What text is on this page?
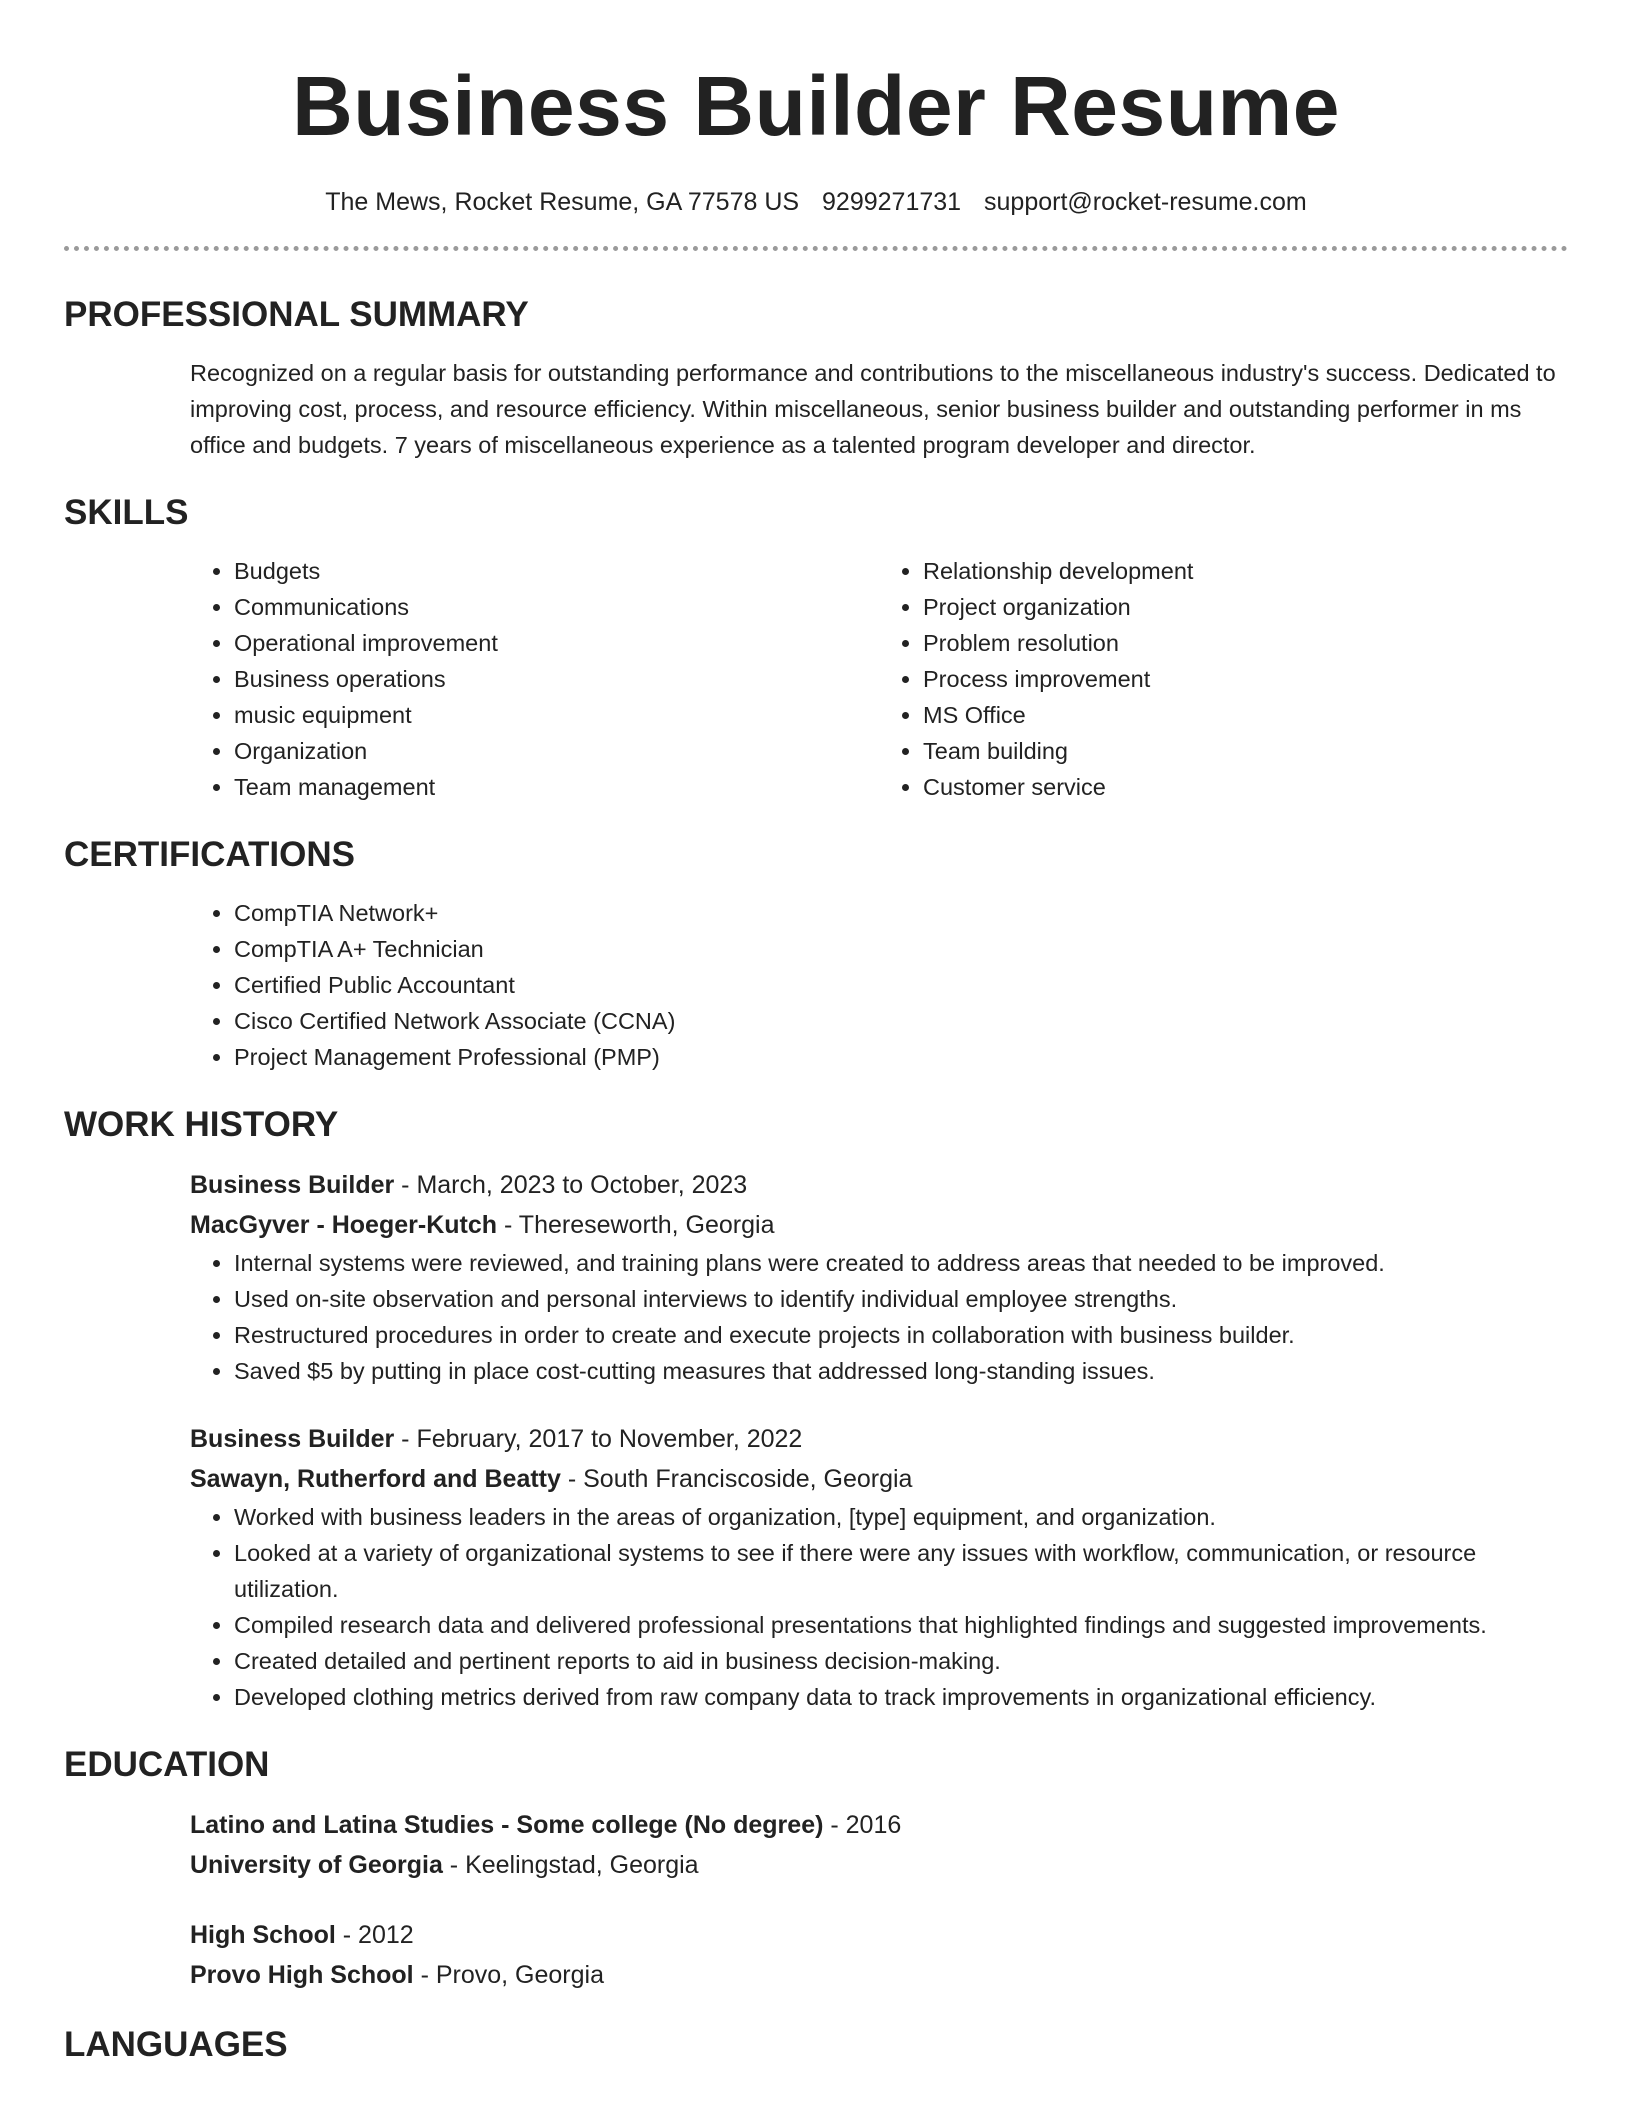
Business Builder Resume
The Mews, Rocket Resume, GA 77578 US 9299271731 support@rocket-resume.com
PROFESSIONAL SUMMARY
Recognized on a regular basis for outstanding performance and contributions to the miscellaneous industry's success. Dedicated to improving cost, process, and resource efficiency. Within miscellaneous, senior business builder and outstanding performer in ms office and budgets. 7 years of miscellaneous experience as a talented program developer and director.
SKILLS
• Budgets
• Communications
• Operational improvement
• Business operations
• music equipment
• Organization
• Team management
• Relationship development
• Project organization
• Problem resolution
• Process improvement
• MS Office
• Team building
• Customer service
CERTIFICATIONS
• CompTIA Network+
• CompTIA A+ Technician
• Certified Public Accountant
• Cisco Certified Network Associate (CCNA)
• Project Management Professional (PMP)
WORK HISTORY
Business Builder - March, 2023 to October, 2023
MacGyver - Hoeger-Kutch - Thereseworth, Georgia
• Internal systems were reviewed, and training plans were created to address areas that needed to be improved.
• Used on-site observation and personal interviews to identify individual employee strengths.
• Restructured procedures in order to create and execute projects in collaboration with business builder.
• Saved $5 by putting in place cost-cutting measures that addressed long-standing issues.
Business Builder - February, 2017 to November, 2022
Sawayn, Rutherford and Beatty - South Franciscoside, Georgia
• Worked with business leaders in the areas of organization, [type] equipment, and organization.
• Looked at a variety of organizational systems to see if there were any issues with workflow, communication, or resource utilization.
• Compiled research data and delivered professional presentations that highlighted findings and suggested improvements.
• Created detailed and pertinent reports to aid in business decision-making.
• Developed clothing metrics derived from raw company data to track improvements in organizational efficiency.
EDUCATION
Latino and Latina Studies - Some college (No degree) - 2016
University of Georgia - Keelingstad, Georgia
High School - 2012
Provo High School - Provo, Georgia
LANGUAGES
